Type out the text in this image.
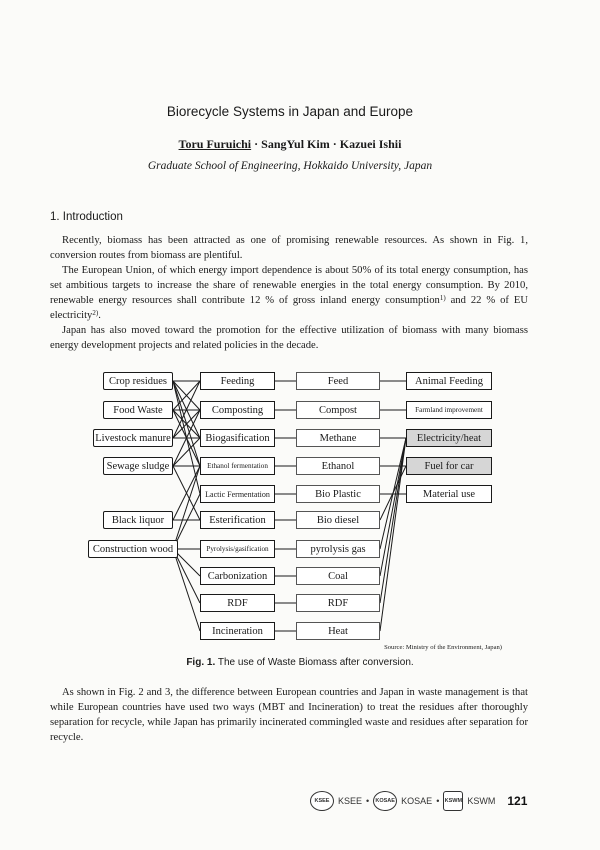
Biorecycle Systems in Japan and Europe
Toru Furuichi · SangYul Kim · Kazuei Ishii
Graduate School of Engineering, Hokkaido University, Japan
1. Introduction

Recently, biomass has been attracted as one of promising renewable resources. As shown in Fig. 1, conversion routes from biomass are plentiful.

The European Union, of which energy import dependence is about 50% of its total energy consumption, has set ambitious targets to increase the share of renewable energies in the total energy consumption. By 2010, renewable energy resources shall contribute 12 % of gross inland energy consumption$^{1)}$ and 22 % of EU electricity$^{2)}$.

Japan has also moved toward the promotion for the effective utilization of biomass with many biomass energy development projects and related policies in the decade.

Crop residues
Food Waste
Livestock manure
Sewage sludge
Black liquor
Construction wood
Feeding
Composting
Biogasification
Ethanol fermentation
Lactic Fermentation
Esterification
Pyrolysis/gasification
Carbonization
RDF
Incineration
Feed
Compost
Methane
Ethanol
Bio Plastic
Bio diesel
pyrolysis gas
Coal
RDF
Heat
Animal Feeding
Farmland improvement
Electricity/heat
Fuel for car
Material use
Source: Ministry of the Environment, Japan)
Fig. 1. The use of Waste Biomass after conversion.

As shown in Fig. 2 and 3, the difference between European countries and Japan in waste management is that while European countries have used two ways (MBT and Incineration) to treat the residues after thoroughly separation for recycle, while Japan has primarily incinerated commingled waste and residues after separation for recycle.

KSEE KSEE •	KOSAE KOSAE • KSWM KSWM 121
